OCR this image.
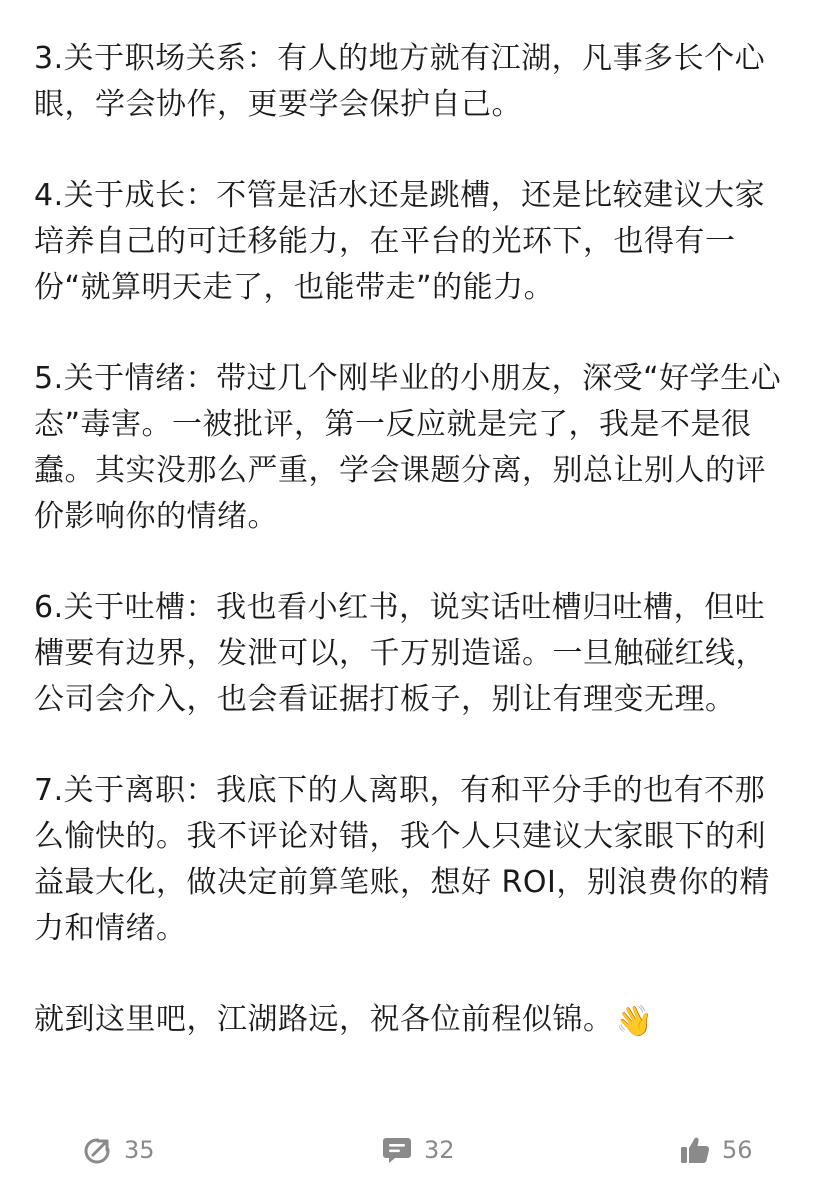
3.关于职场关系：有人的地方就有江湖，凡事多长个心眼，学会协作，更要学会保护自己。

4.关于成长：不管是活水还是跳槽，还是比较建议大家培养自己的可迁移能力，在平台的光环下，也得有一份“就算明天走了，也能带走”的能力。

5.关于情绪：带过几个刚毕业的小朋友，深受“好学生心态”毒害。一被批评，第一反应就是完了，我是不是很蠢。其实没那么严重，学会课题分离，别总让别人的评价影响你的情绪。

6.关于吐槽：我也看小红书，说实话吐槽归吐槽，但吐槽要有边界，发泄可以，千万别造谣。一旦触碰红线，公司会介入，也会看证据打板子，别让有理变无理。

7.关于离职：我底下的人离职，有和平分手的也有不那么愉快的。我不评论对错，我个人只建议大家眼下的利益最大化，做决定前算笔账，想好 ROI，别浪费你的精力和情绪。

就到这里吧，江湖路远，祝各位前程似锦。👋

35	32	56
